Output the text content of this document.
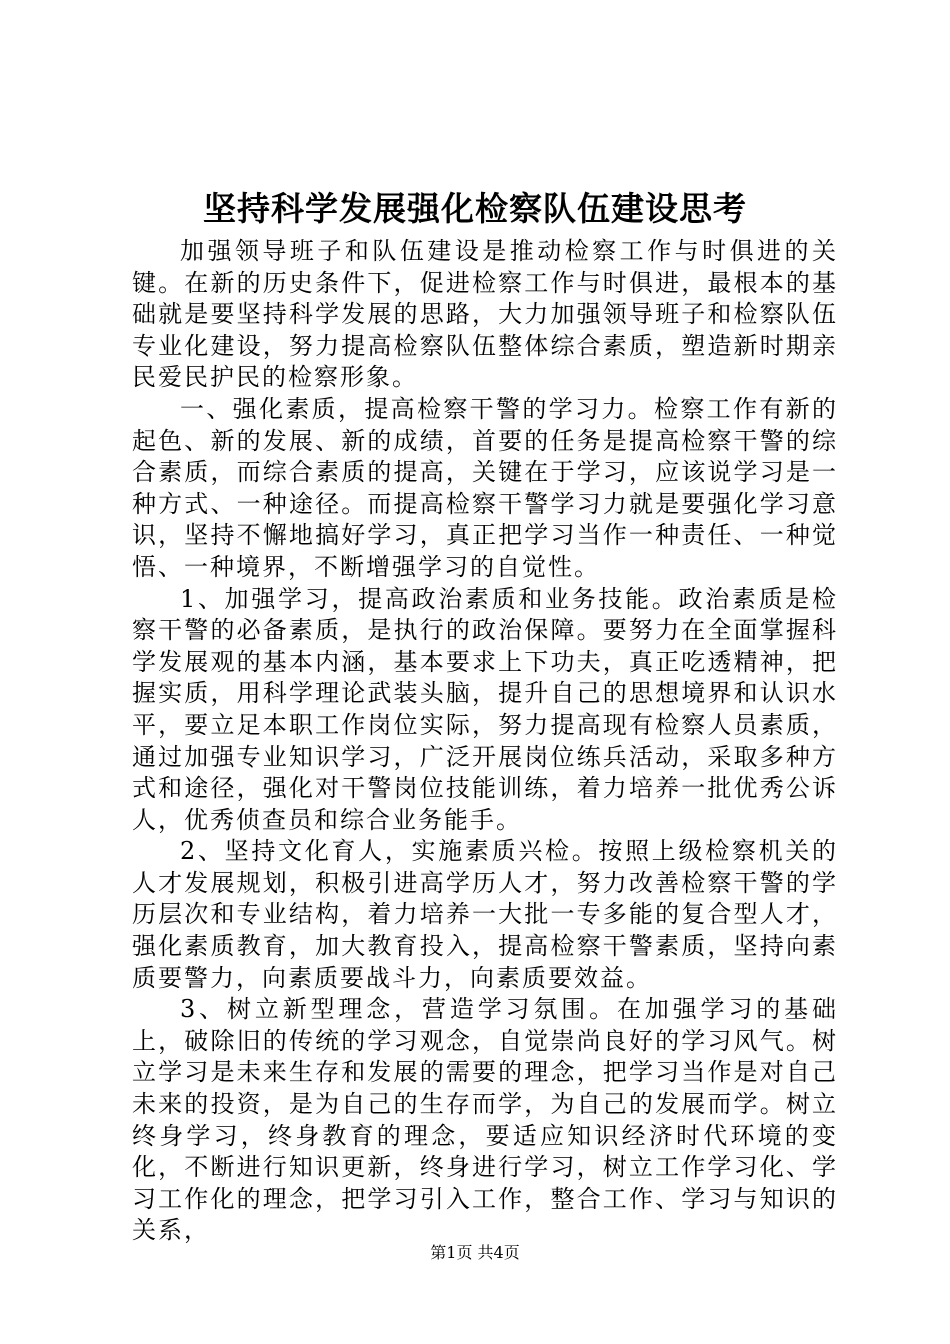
坚持科学发展强化检察队伍建设思考

加强领导班子和队伍建设是推动检察工作与时俱进的关键。在新的历史条件下，促进检察工作与时俱进，最根本的基础就是要坚持科学发展的思路，大力加强领导班子和检察队伍专业化建设，努力提高检察队伍整体综合素质，塑造新时期亲民爱民护民的检察形象。

一、强化素质，提高检察干警的学习力。检察工作有新的起色、新的发展、新的成绩，首要的任务是提高检察干警的综合素质，而综合素质的提高，关键在于学习，应该说学习是一种方式、一种途径。而提高检察干警学习力就是要强化学习意识，坚持不懈地搞好学习，真正把学习当作一种责任、一种觉悟、一种境界，不断增强学习的自觉性。

1、加强学习，提高政治素质和业务技能。政治素质是检察干警的必备素质，是执行的政治保障。要努力在全面掌握科学发展观的基本内涵，基本要求上下功夫，真正吃透精神，把握实质，用科学理论武装头脑，提升自己的思想境界和认识水平，要立足本职工作岗位实际，努力提高现有检察人员素质，通过加强专业知识学习，广泛开展岗位练兵活动，采取多种方式和途径，强化对干警岗位技能训练，着力培养一批优秀公诉人，优秀侦查员和综合业务能手。

2、坚持文化育人，实施素质兴检。按照上级检察机关的人才发展规划，积极引进高学历人才，努力改善检察干警的学历层次和专业结构，着力培养一大批一专多能的复合型人才，强化素质教育，加大教育投入，提高检察干警素质，坚持向素质要警力，向素质要战斗力，向素质要效益。

3、树立新型理念，营造学习氛围。在加强学习的基础上，破除旧的传统的学习观念，自觉崇尚良好的学习风气。树立学习是未来生存和发展的需要的理念，把学习当作是对自己未来的投资，是为自己的生存而学，为自己的发展而学。树立终身学习，终身教育的理念，要适应知识经济时代环境的变化，不断进行知识更新，终身进行学习，树立工作学习化、学习工作化的理念，把学习引入工作，整合工作、学习与知识的关系，

第1页 共4页
